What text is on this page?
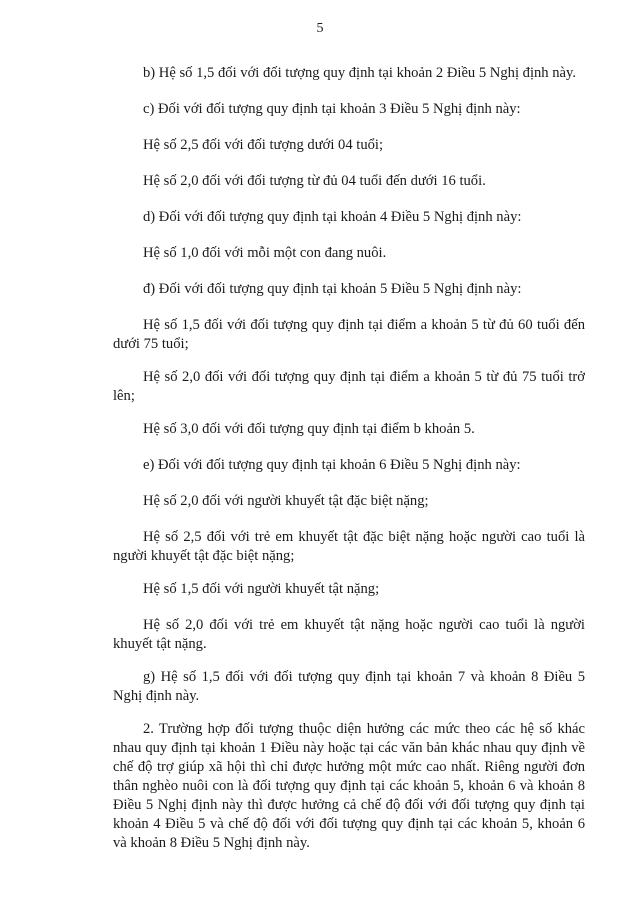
5

b) Hệ số 1,5 đối với đối tượng quy định tại khoản 2 Điều 5 Nghị định này.

c) Đối với đối tượng quy định tại khoản 3 Điều 5 Nghị định này:

Hệ số 2,5 đối với đối tượng dưới 04 tuổi;

Hệ số 2,0 đối với đối tượng từ đủ 04 tuổi đến dưới 16 tuổi.

d) Đối với đối tượng quy định tại khoản 4 Điều 5 Nghị định này:

Hệ số 1,0 đối với mỗi một con đang nuôi.

đ) Đối với đối tượng quy định tại khoản 5 Điều 5 Nghị định này:

Hệ số 1,5 đối với đối tượng quy định tại điểm a khoản 5 từ đủ 60 tuổi đến dưới 75 tuổi;

Hệ số 2,0 đối với đối tượng quy định tại điểm a khoản 5 từ đủ 75 tuổi trở lên;

Hệ số 3,0 đối với đối tượng quy định tại điểm b khoản 5.

e) Đối với đối tượng quy định tại khoản 6 Điều 5 Nghị định này:

Hệ số 2,0 đối với người khuyết tật đặc biệt nặng;

Hệ số 2,5 đối với trẻ em khuyết tật đặc biệt nặng hoặc người cao tuổi là người khuyết tật đặc biệt nặng;

Hệ số 1,5 đối với người khuyết tật nặng;

Hệ số 2,0 đối với trẻ em khuyết tật nặng hoặc người cao tuổi là người khuyết tật nặng.

g) Hệ số 1,5 đối với đối tượng quy định tại khoản 7 và khoản 8 Điều 5 Nghị định này.

2. Trường hợp đối tượng thuộc diện hưởng các mức theo các hệ số khác nhau quy định tại khoản 1 Điều này hoặc tại các văn bản khác nhau quy định về chế độ trợ giúp xã hội thì chỉ được hưởng một mức cao nhất. Riêng người đơn thân nghèo nuôi con là đối tượng quy định tại các khoản 5, khoản 6 và khoản 8 Điều 5 Nghị định này thì được hưởng cả chế độ đối với đối tượng quy định tại khoản 4 Điều 5 và chế độ đối với đối tượng quy định tại các khoản 5, khoản 6 và khoản 8 Điều 5 Nghị định này.
